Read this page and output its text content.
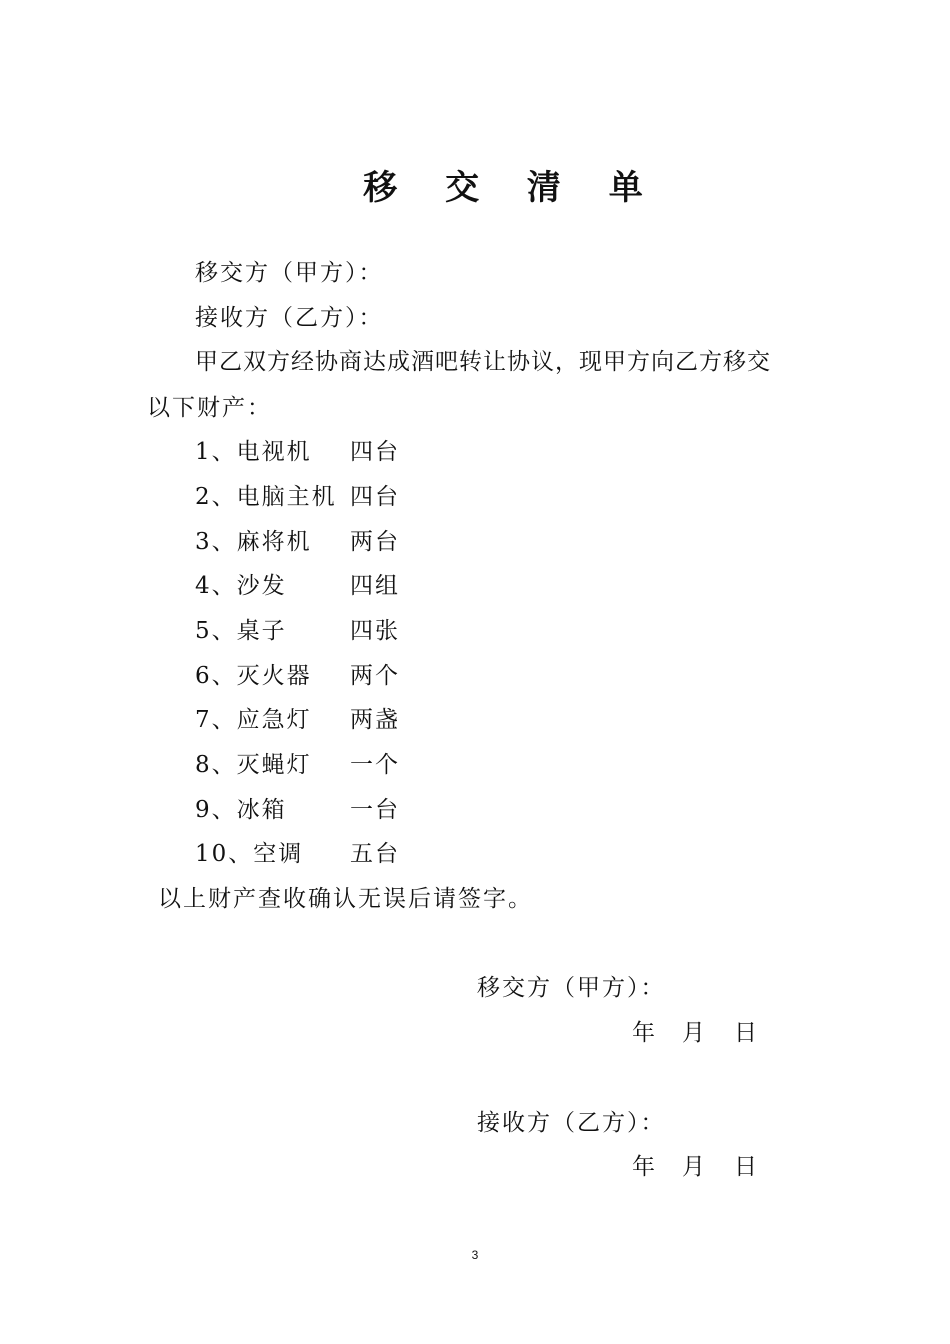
移 交 清 单
移交方（甲方）：
接收方（乙方）：
甲乙双方经协商达成酒吧转让协议，现甲方向乙方移交
以下财产：
1、电视机 四台
2、电脑主机 四台
3、麻将机 两台
4、沙发	四组
5、桌子	四张
6、灭火器 两个
7、应急灯 两盏
8、灭蝇灯 一个
9、冰箱	一台
10、空调 五台
以上财产查收确认无误后请签字。
移交方（甲方）：
年 月 日
接收方（乙方）：
年 月 日
3
